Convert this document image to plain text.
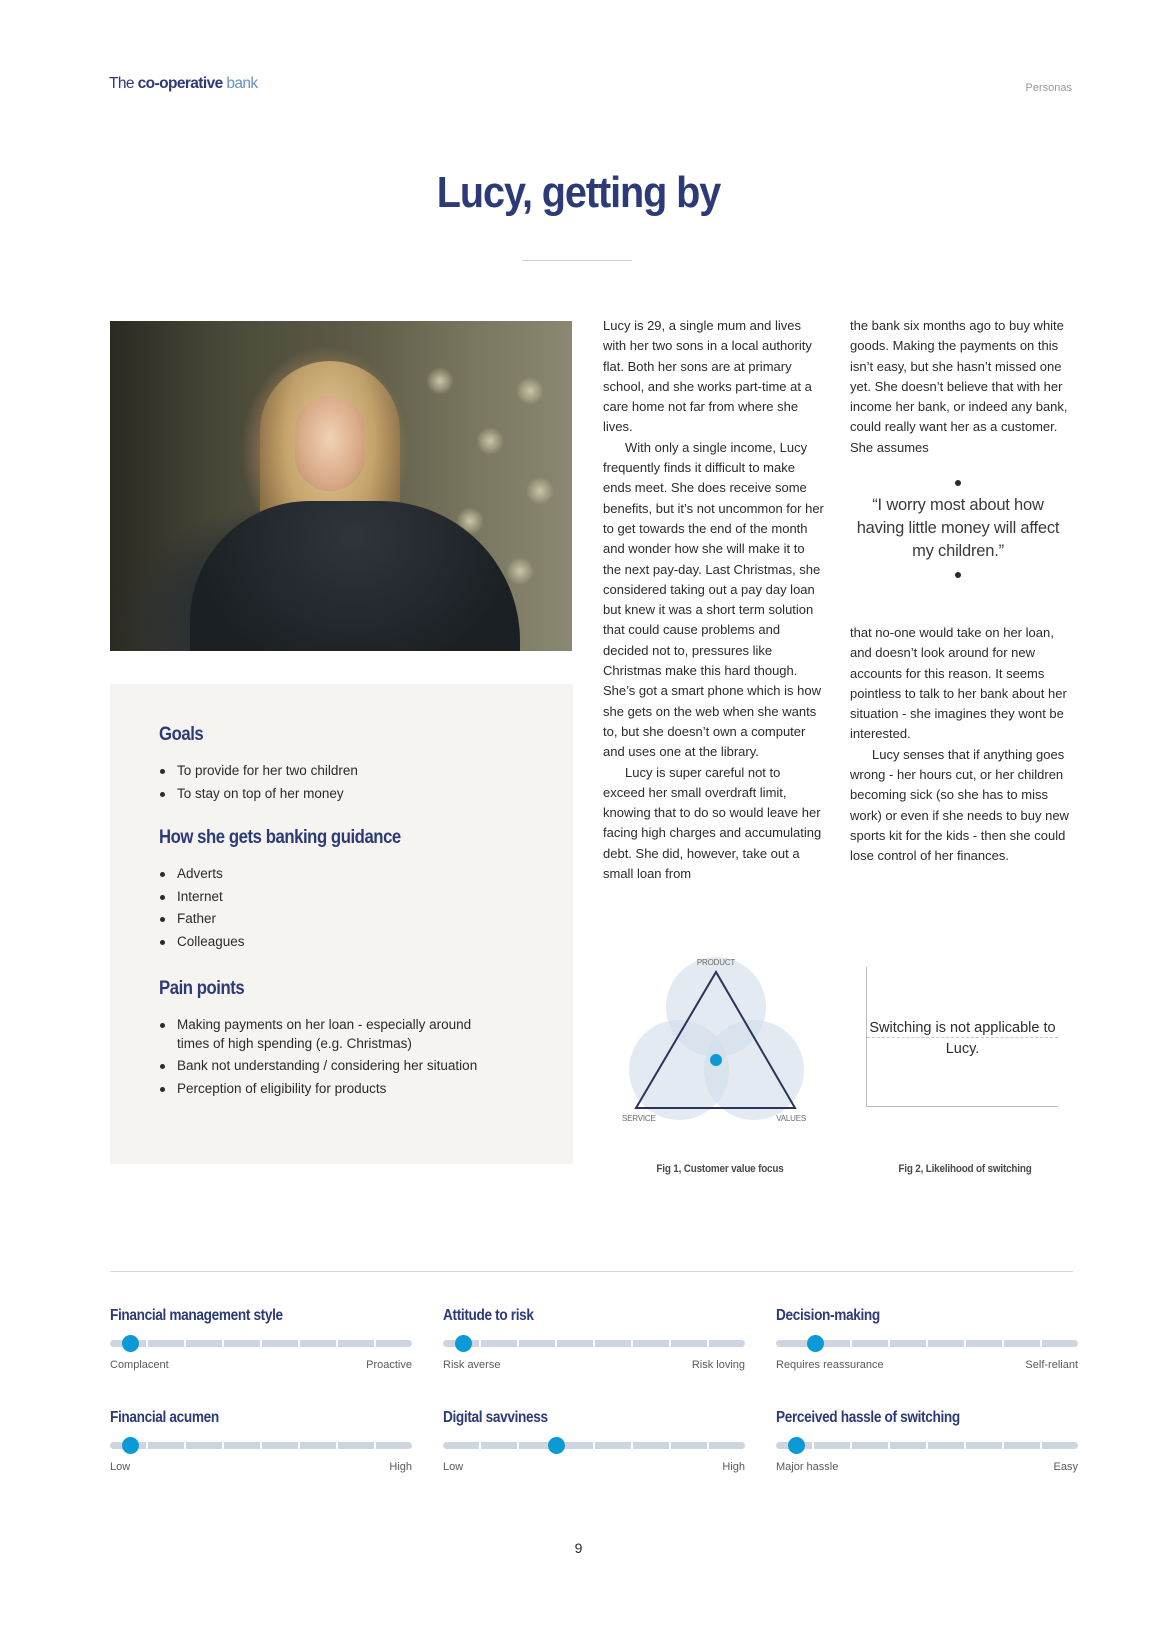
The co-operative bank	Personas
Lucy, getting by
Goals
To provide for her two children
To stay on top of her money
How she gets banking guidance
Adverts
Internet
Father
Colleagues
Pain points
Making payments on her loan - especially around times of high spending (e.g. Christmas)
Bank not understanding / considering her situation
Perception of eligibility for products

Lucy is 29, a single mum and lives with her two sons in a local authority flat. Both her sons are at primary school, and she works part-time at a care home not far from where she lives.

With only a single income, Lucy frequently finds it difficult to make ends meet. She does receive some benefits, but it’s not uncommon for her to get towards the end of the month and wonder how she will make it to the next pay-day. Last Christmas, she considered taking out a pay day loan but knew it was a short term solution that could cause problems and decided not to, pressures like Christmas make this hard though. She’s got a smart phone which is how she gets on the web when she wants to, but she doesn’t own a computer and uses one at the library.

Lucy is super careful not to exceed her small overdraft limit, knowing that to do so would leave her facing high charges and accumulating debt. She did, however, take out a small loan from

the bank six months ago to buy white goods. Making the payments on this isn’t easy, but she hasn’t missed one yet. She doesn’t believe that with her income her bank, or indeed any bank, could really want her as a customer. She assumes

“I worry most about how having little money will affect my children.”

that no-one would take on her loan, and doesn’t look around for new accounts for this reason. It seems pointless to talk to her bank about her situation - she imagines they wont be interested.

Lucy senses that if anything goes wrong - her hours cut, or her children becoming sick (so she has to miss work) or even if she needs to buy new sports kit for the kids - then she could lose control of her finances.

PRODUCT
SERVICE	VALUES
Fig 1, Customer value focus
Switching is not applicable to Lucy.
Fig 2, Likelihood of switching
Financial management style
Complacent	Proactive
Attitude to risk
Risk averse	Risk loving
Decision-making
Requires reassurance	Self-reliant
Financial acumen
Low	High
Digital savviness
Low	High
Perceived hassle of switching
Major hassle	Easy
9
